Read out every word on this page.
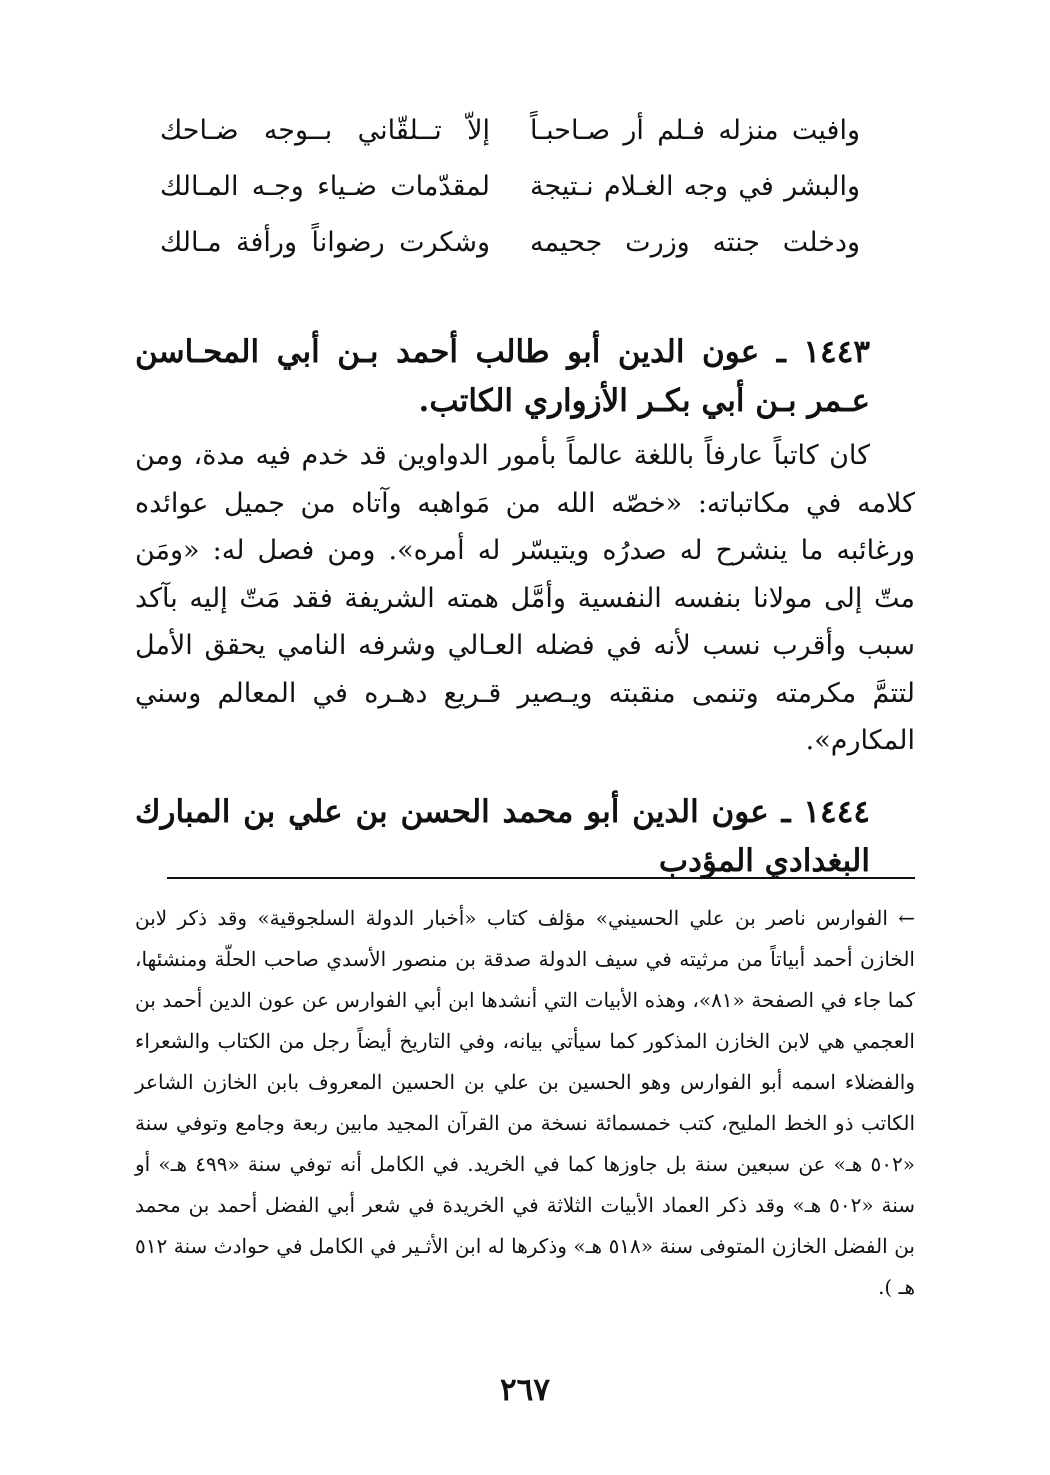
وافيت منزله فـلم أر صـاحبـاً
إلاّ تــلقّاني بــوجه ضـاحك
والبشر في وجه الغـلام نـتيجة
لمقدّمات ضـياء وجـه المـالك
ودخلت جنته وزرت جحيمه
وشكرت رضواناً ورأفة مـالك
١٤٤٣ ـ عون الدين أبو طالب أحمد بـن أبي المحـاسن عـمر بـن أبي بكـر الأزواري الكاتب.
كان كاتباً عارفاً باللغة عالماً بأمور الدواوين قد خدم فيه مدة، ومن كلامه في مكاتباته: «خصّه الله من مَواهبه وآتاه من جميل عوائده ورغائبه ما ينشرح له صدرُه ويتيسّر له أمره». ومن فصل له: «ومَن متّ إلى مولانا بنفسه النفسية وأمَّل همته الشريفة فقد مَتّ إليه بآكد سبب وأقرب نسب لأنه في فضله العـالي وشرفه النامي يحقق الأمل لتتمَّ مكرمته وتنمى منقبته ويـصير قـريع دهـره في المعالم وسني المكارم».
١٤٤٤ ـ عون الدين أبو محمد الحسن بن علي بن المبارك البغدادي المؤدب
← الفوارس ناصر بن علي الحسيني» مؤلف كتاب «أخبار الدولة السلجوقية» وقد ذكر لابن الخازن أحمد أبياتاً من مرثيته في سيف الدولة صدقة بن منصور الأسدي صاحب الحلّة ومنشئها، كما جاء في الصفحة «٨١»، وهذه الأبيات التي أنشدها ابن أبي الفوارس عن عون الدين أحمد بن العجمي هي لابن الخازن المذكور كما سيأتي بيانه، وفي التاريخ أيضاً رجل من الكتاب والشعراء والفضلاء اسمه أبو الفوارس وهو الحسين بن علي بن الحسين المعروف بابن الخازن الشاعر الكاتب ذو الخط المليح، كتب خمسمائة نسخة من القرآن المجيد مابين ربعة وجامع وتوفي سنة «٥٠٢ هـ» عن سبعين سنة بل جاوزها كما في الخريد. في الكامل أنه توفي سنة «٤٩٩ هـ» أو سنة «٥٠٢ هـ» وقد ذكر العماد الأبيات الثلاثة في الخريدة في شعر أبي الفضل أحمد بن محمد بن الفضل الخازن المتوفى سنة «٥١٨ هـ» وذكرها له ابن الأثـير في الكامل في حوادث سنة ٥١٢ هـ ).
٢٦٧
